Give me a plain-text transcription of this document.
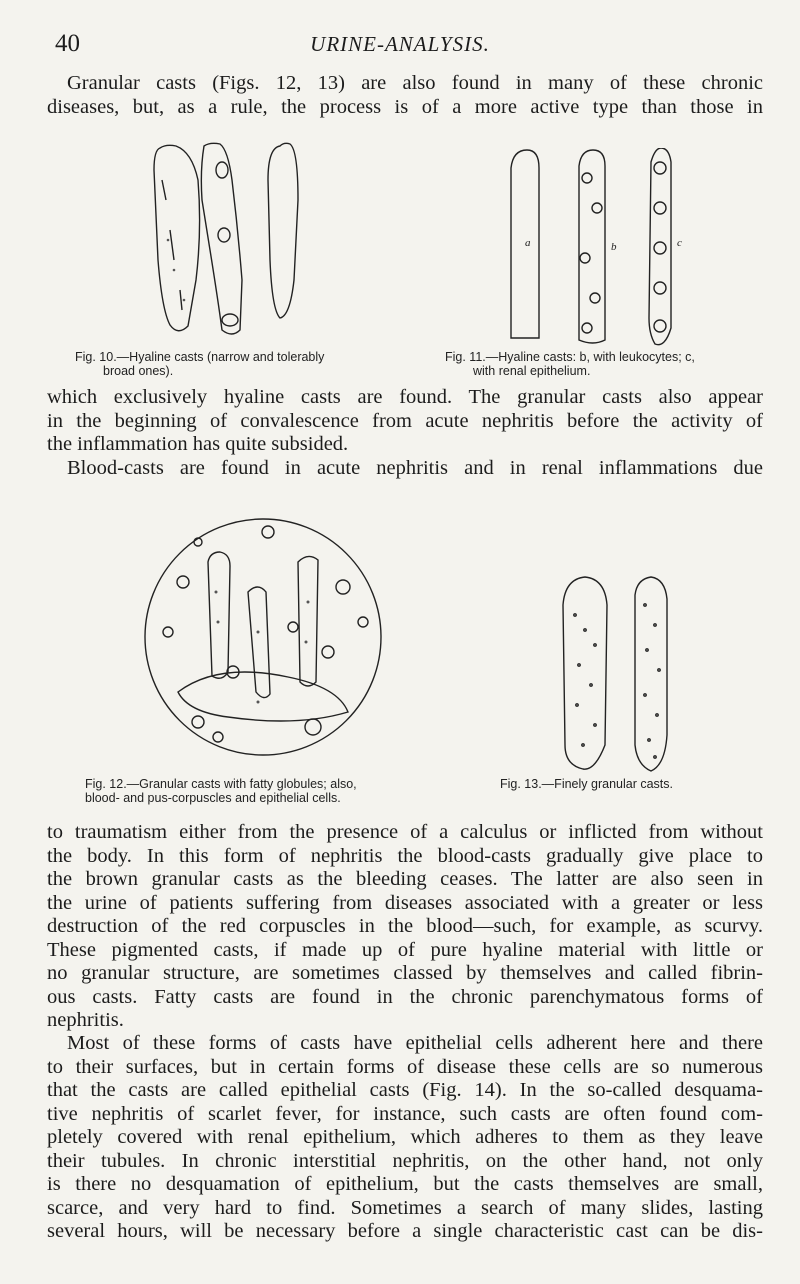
40	URINE-ANALYSIS.
Granular casts (Figs. 12, 13) are also found in many of these chronic
diseases, but, as a rule, the process is of a more active type than those in
Fig. 10.—Hyaline casts (narrow and tolerably
broad ones).
a	b	c
Fig. 11.—Hyaline casts: b, with leukocytes; c,
with renal epithelium.
which exclusively hyaline casts are found. The granular casts also appear
in the beginning of convalescence from acute nephritis before the activity of
the inflammation has quite subsided.
Blood-casts are found in acute nephritis and in renal inflammations due
Fig. 12.—Granular casts with fatty globules; also,
blood- and pus-corpuscles and epithelial cells.
Fig. 13.—Finely granular casts.
to traumatism either from the presence of a calculus or inflicted from without
the body. In this form of nephritis the blood-casts gradually give place to
the brown granular casts as the bleeding ceases. The latter are also seen in
the urine of patients suffering from diseases associated with a greater or less
destruction of the red corpuscles in the blood—such, for example, as scurvy.
These pigmented casts, if made up of pure hyaline material with little or
no granular structure, are sometimes classed by themselves and called fibrin-
ous casts. Fatty casts are found in the chronic parenchymatous forms of
nephritis.
Most of these forms of casts have epithelial cells adherent here and there
to their surfaces, but in certain forms of disease these cells are so numerous
that the casts are called epithelial casts (Fig. 14). In the so-called desquama-
tive nephritis of scarlet fever, for instance, such casts are often found com-
pletely covered with renal epithelium, which adheres to them as they leave
their tubules. In chronic interstitial nephritis, on the other hand, not only
is there no desquamation of epithelium, but the casts themselves are small,
scarce, and very hard to find. Sometimes a search of many slides, lasting
several hours, will be necessary before a single characteristic cast can be dis-
